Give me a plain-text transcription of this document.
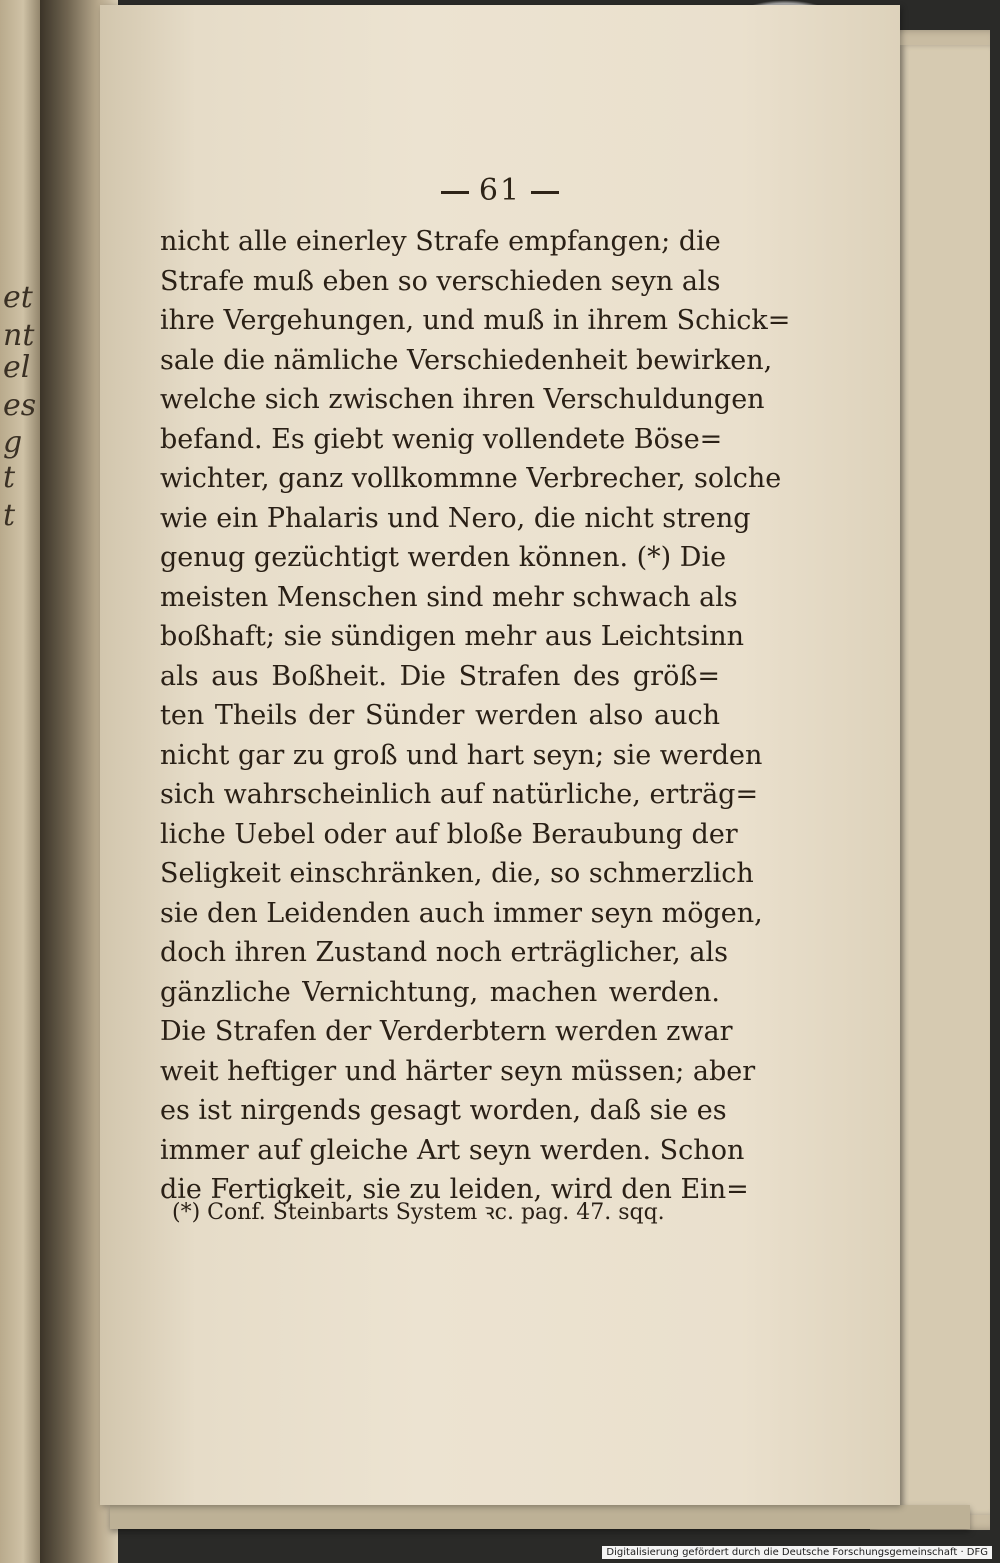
et
nt
el
es
g
t
t
61
nicht alle einerley Strafe empfangen; die
Strafe muß eben so verschieden seyn als
ihre Vergehungen, und muß in ihrem Schick=
sale die nämliche Verschiedenheit bewirken,
welche sich zwischen ihren Verschuldungen
befand. Es giebt wenig vollendete Böse=
wichter, ganz vollkommne Verbrecher, solche
wie ein Phalaris und Nero, die nicht streng
genug gezüchtigt werden können. (*) Die
meisten Menschen sind mehr schwach als
boßhaft; sie sündigen mehr aus Leichtsinn
als aus Boßheit. Die Strafen des größ=
ten Theils der Sünder werden also auch
nicht gar zu groß und hart seyn; sie werden
sich wahrscheinlich auf natürliche, erträg=
liche Uebel oder auf bloße Beraubung der
Seligkeit einschränken, die, so schmerzlich
sie den Leidenden auch immer seyn mögen,
doch ihren Zustand noch erträglicher, als
gänzliche Vernichtung, machen werden.
Die Strafen der Verderbtern werden zwar
weit heftiger und härter seyn müssen; aber
es ist nirgends gesagt worden, daß sie es
immer auf gleiche Art seyn werden. Schon
die Fertigkeit, sie zu leiden, wird den Ein=
(*) Conf. Steinbarts System ꝛc. pag. 47. sqq.
Digitalisierung gefördert durch die Deutsche Forschungsgemeinschaft · DFG
